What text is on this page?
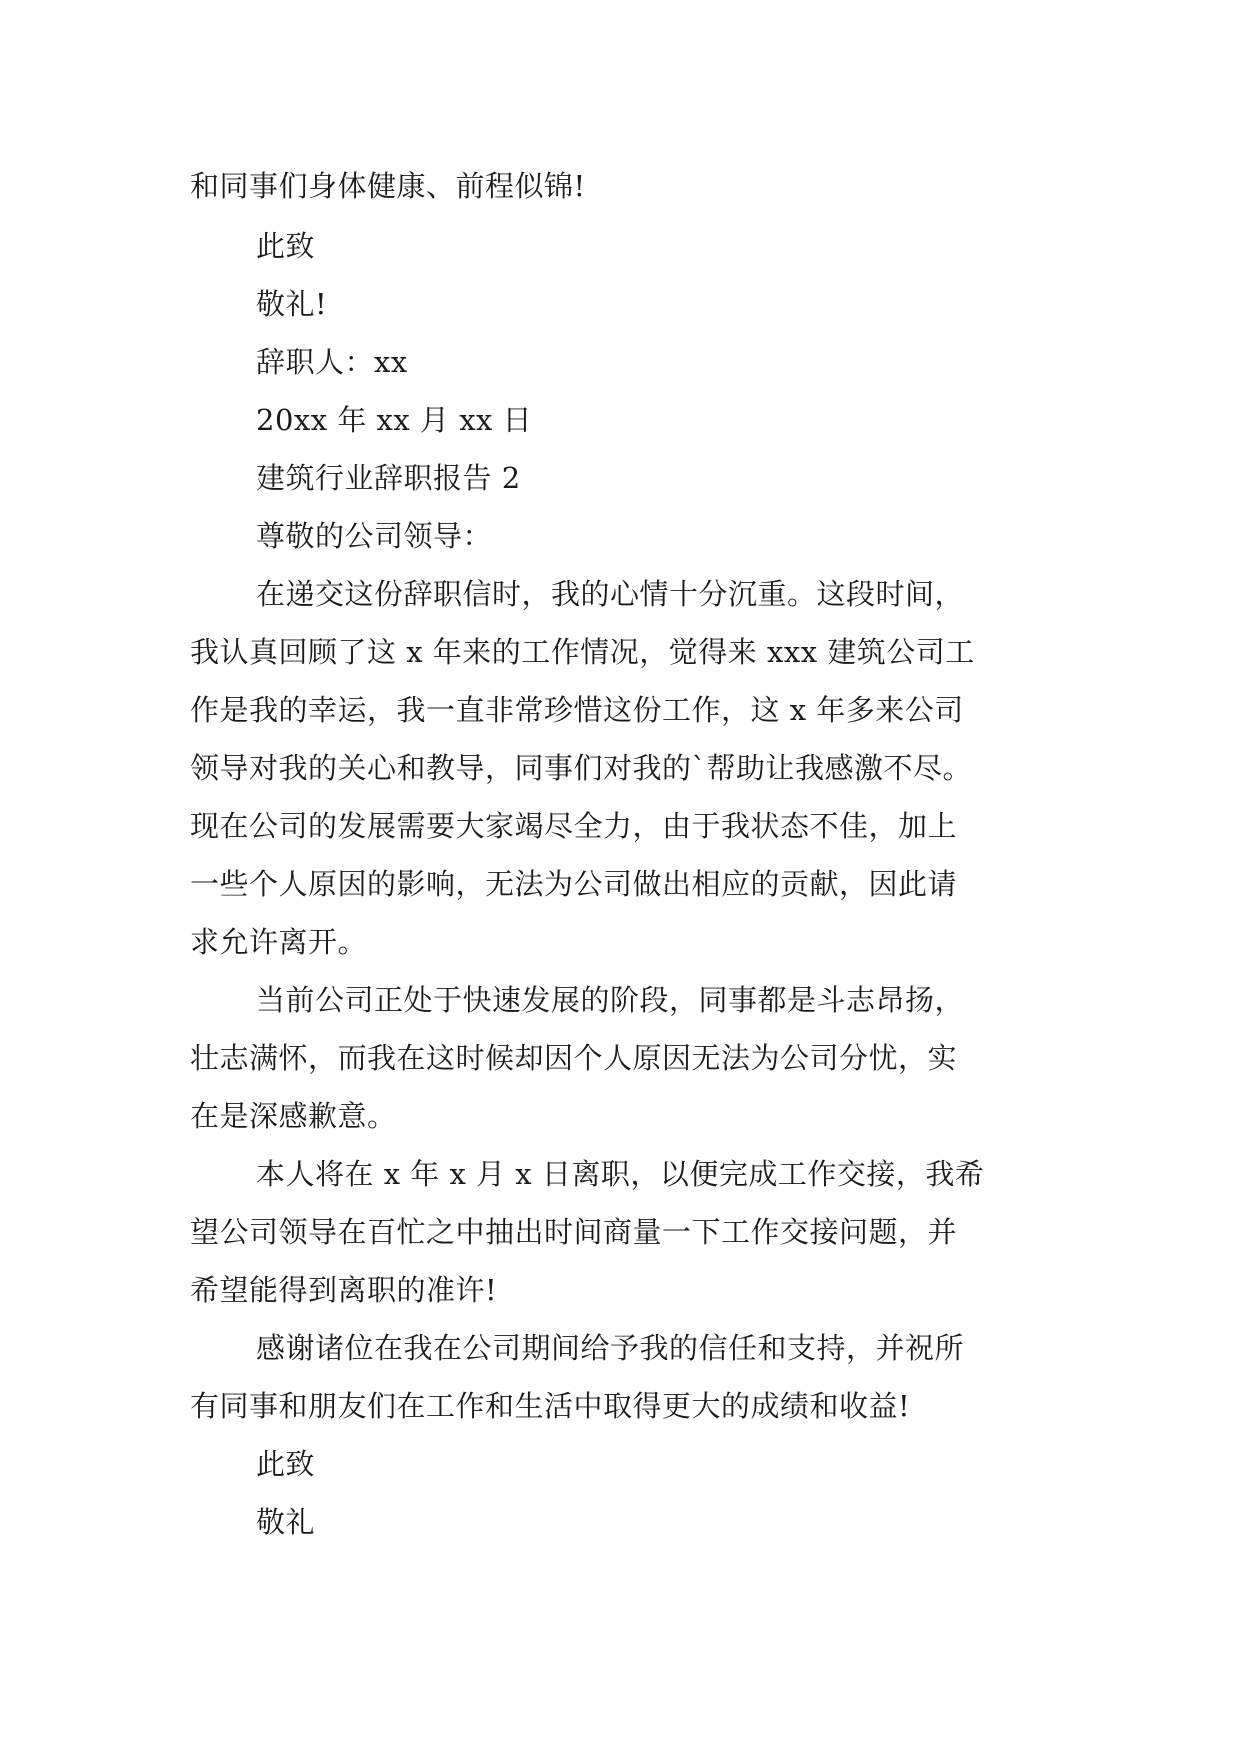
和同事们身体健康、前程似锦!
此致
敬礼!
辞职人：xx
20xx 年 xx 月 xx 日
建筑行业辞职报告 2
尊敬的公司领导：
在递交这份辞职信时，我的心情十分沉重。这段时间，
我认真回顾了这 x 年来的工作情况，觉得来 xxx 建筑公司工
作是我的幸运，我一直非常珍惜这份工作，这 x 年多来公司
领导对我的关心和教导，同事们对我的`帮助让我感激不尽。
现在公司的发展需要大家竭尽全力，由于我状态不佳，加上
一些个人原因的影响，无法为公司做出相应的贡献，因此请
求允许离开。
当前公司正处于快速发展的阶段，同事都是斗志昂扬，
壮志满怀，而我在这时候却因个人原因无法为公司分忧，实
在是深感歉意。
本人将在 x 年 x 月 x 日离职，以便完成工作交接，我希
望公司领导在百忙之中抽出时间商量一下工作交接问题，并
希望能得到离职的准许!
感谢诸位在我在公司期间给予我的信任和支持，并祝所
有同事和朋友们在工作和生活中取得更大的成绩和收益!
此致
敬礼
